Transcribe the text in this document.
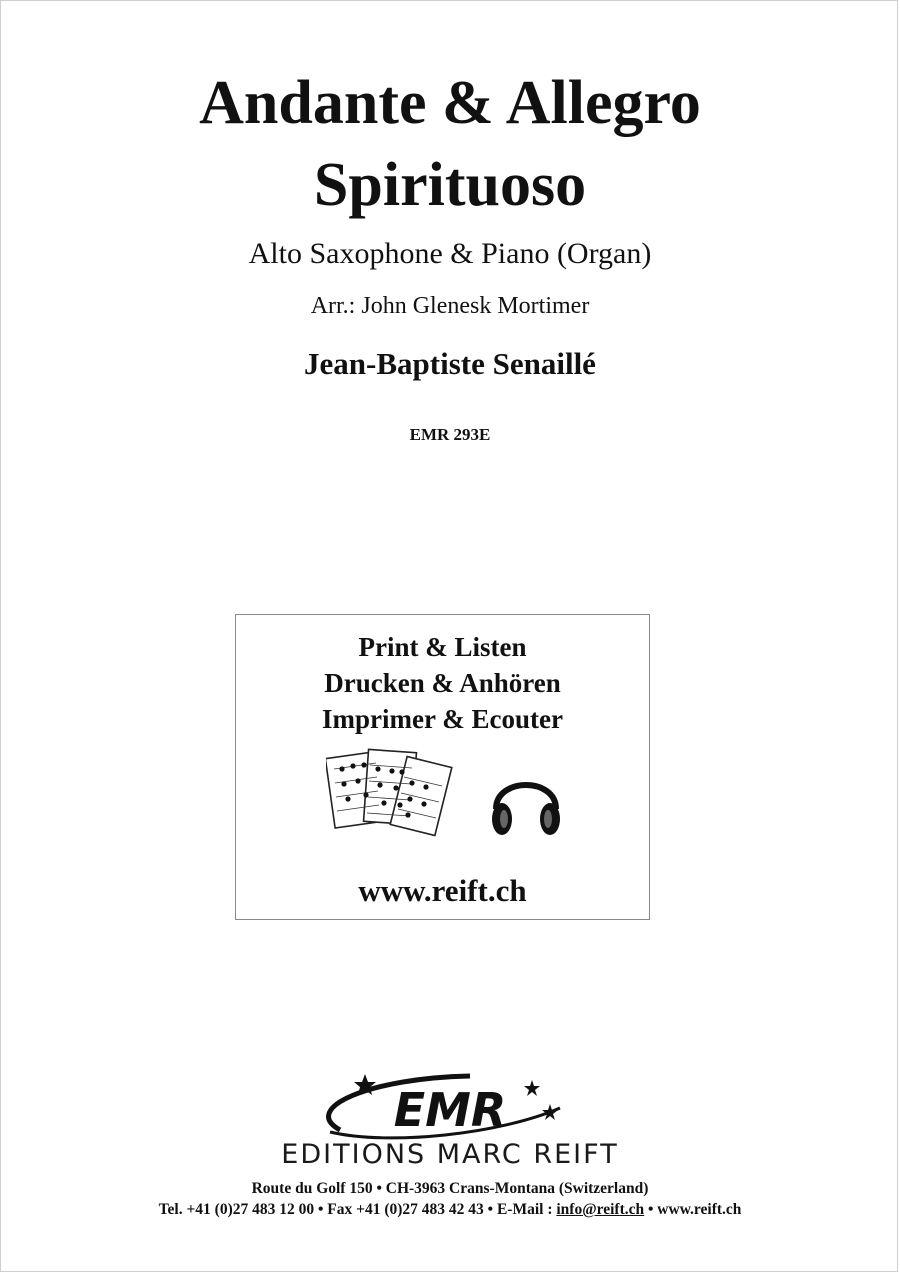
Andante & Allegro
Spirituoso
Alto Saxophone & Piano (Organ)
Arr.: John Glenesk Mortimer
Jean-Baptiste Senaillé
EMR 293E
Print & Listen
Drucken & Anhören
Imprimer & Ecouter
www.reift.ch
EMR
EDITIONS MARC REIFT
Route du Golf 150 • CH-3963 Crans-Montana (Switzerland)
Tel. +41 (0)27 483 12 00 • Fax +41 (0)27 483 42 43 • E-Mail : info@reift.ch • www.reift.ch
